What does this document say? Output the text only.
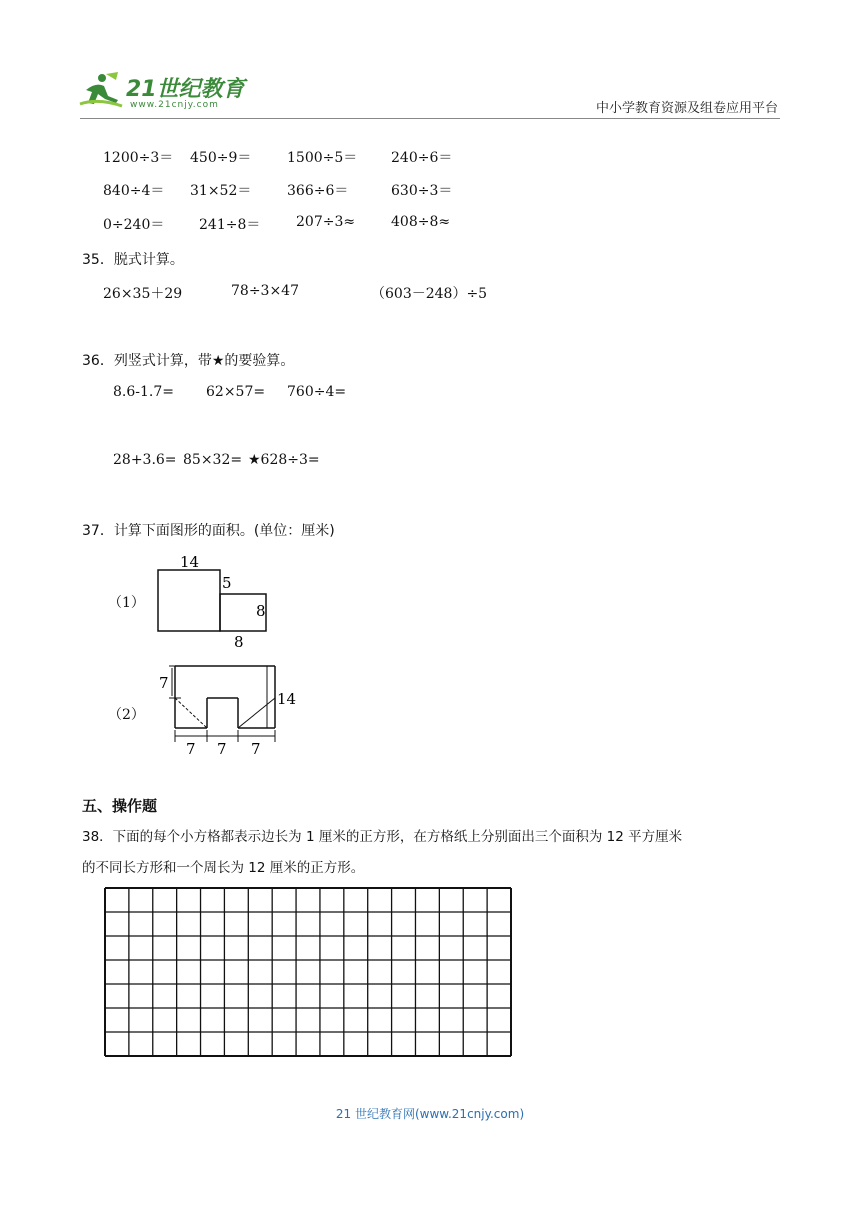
21世纪教育
www.21cnjy.com	中小学教育资源及组卷应用平台
1200÷3＝ 450÷9＝	1500÷5＝ 240÷6＝
840÷4＝ 31×52＝	366÷6＝	630÷3＝
0÷240＝ 241÷8＝	207÷3≈	408÷8≈
35．脱式计算。
26×35＋29	78÷3×47	（603－248）÷5
36．列竖式计算，带★的要验算。
8.6-1.7= 62×57= 760÷4=
28+3.6= 85×32= ★628÷3=
37．计算下面图形的面积。(单位：厘米)
（1）
14
5
8
8
（2）
7
14
7 7 7
五、操作题
38．下面的每个小方格都表示边长为 1 厘米的正方形，在方格纸上分别面出三个面积为 12 平方厘米
的不同长方形和一个周长为 12 厘米的正方形。
21 世纪教育网(www.21cnjy.com)
